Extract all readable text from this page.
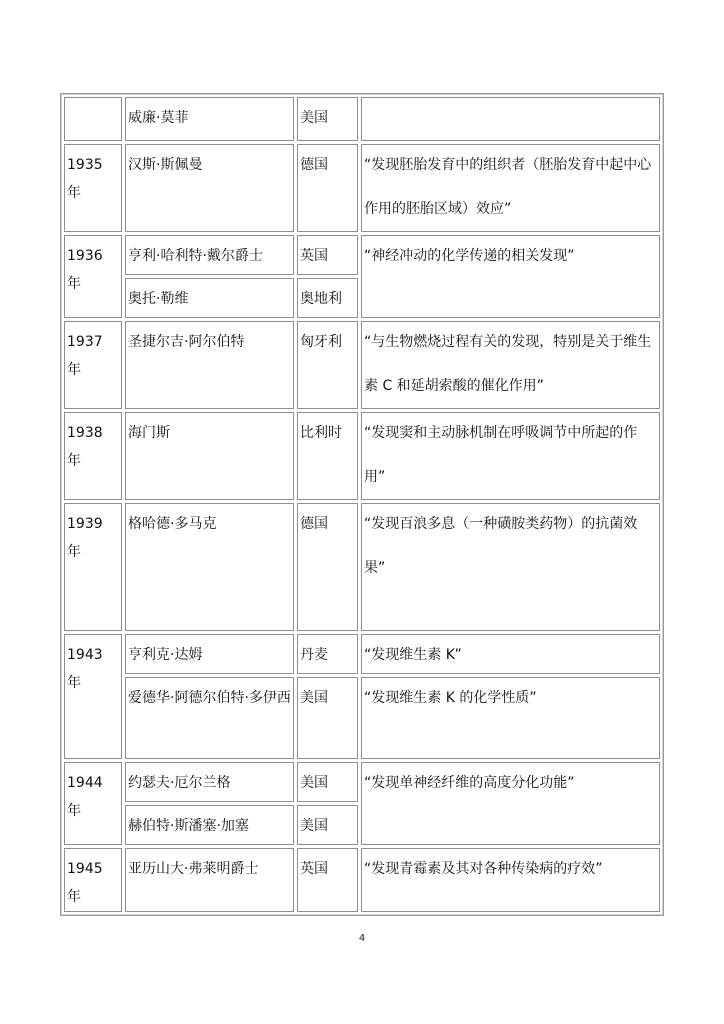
	威廉·莫菲	美国	
1935 年	汉斯·斯佩曼	德国	“发现胚胎发育中的组织者（胚胎发育中起中心作用的胚胎区域）效应”

1936 年	亨利·哈利特·戴尔爵士	英国	“神经冲动的化学传递的相关发现”
	奥托·勒维	奥地利	
1937 年	圣捷尔吉·阿尔伯特	匈牙利	“与生物燃烧过程有关的发现，特别是关于维生素 C 和延胡索酸的催化作用”

1938 年	海门斯	比利时	“发现窦和主动脉机制在呼吸调节中所起的作用”

1939 年	格哈德·多马克	德国	“发现百浪多息（一种磺胺类药物）的抗菌效果”

1943 年	亨利克·达姆	丹麦	“发现维生素 K”

	爱德华·阿德尔伯特·多伊西	美国	“发现维生素 K 的化学性质”
1944 年	约瑟夫·厄尔兰格	美国	“发现单神经纤维的高度分化功能”
	赫伯特·斯潘塞·加塞	美国	
1945 年	亚历山大·弗莱明爵士	英国	“发现青霉素及其对各种传染病的疗效”
4
